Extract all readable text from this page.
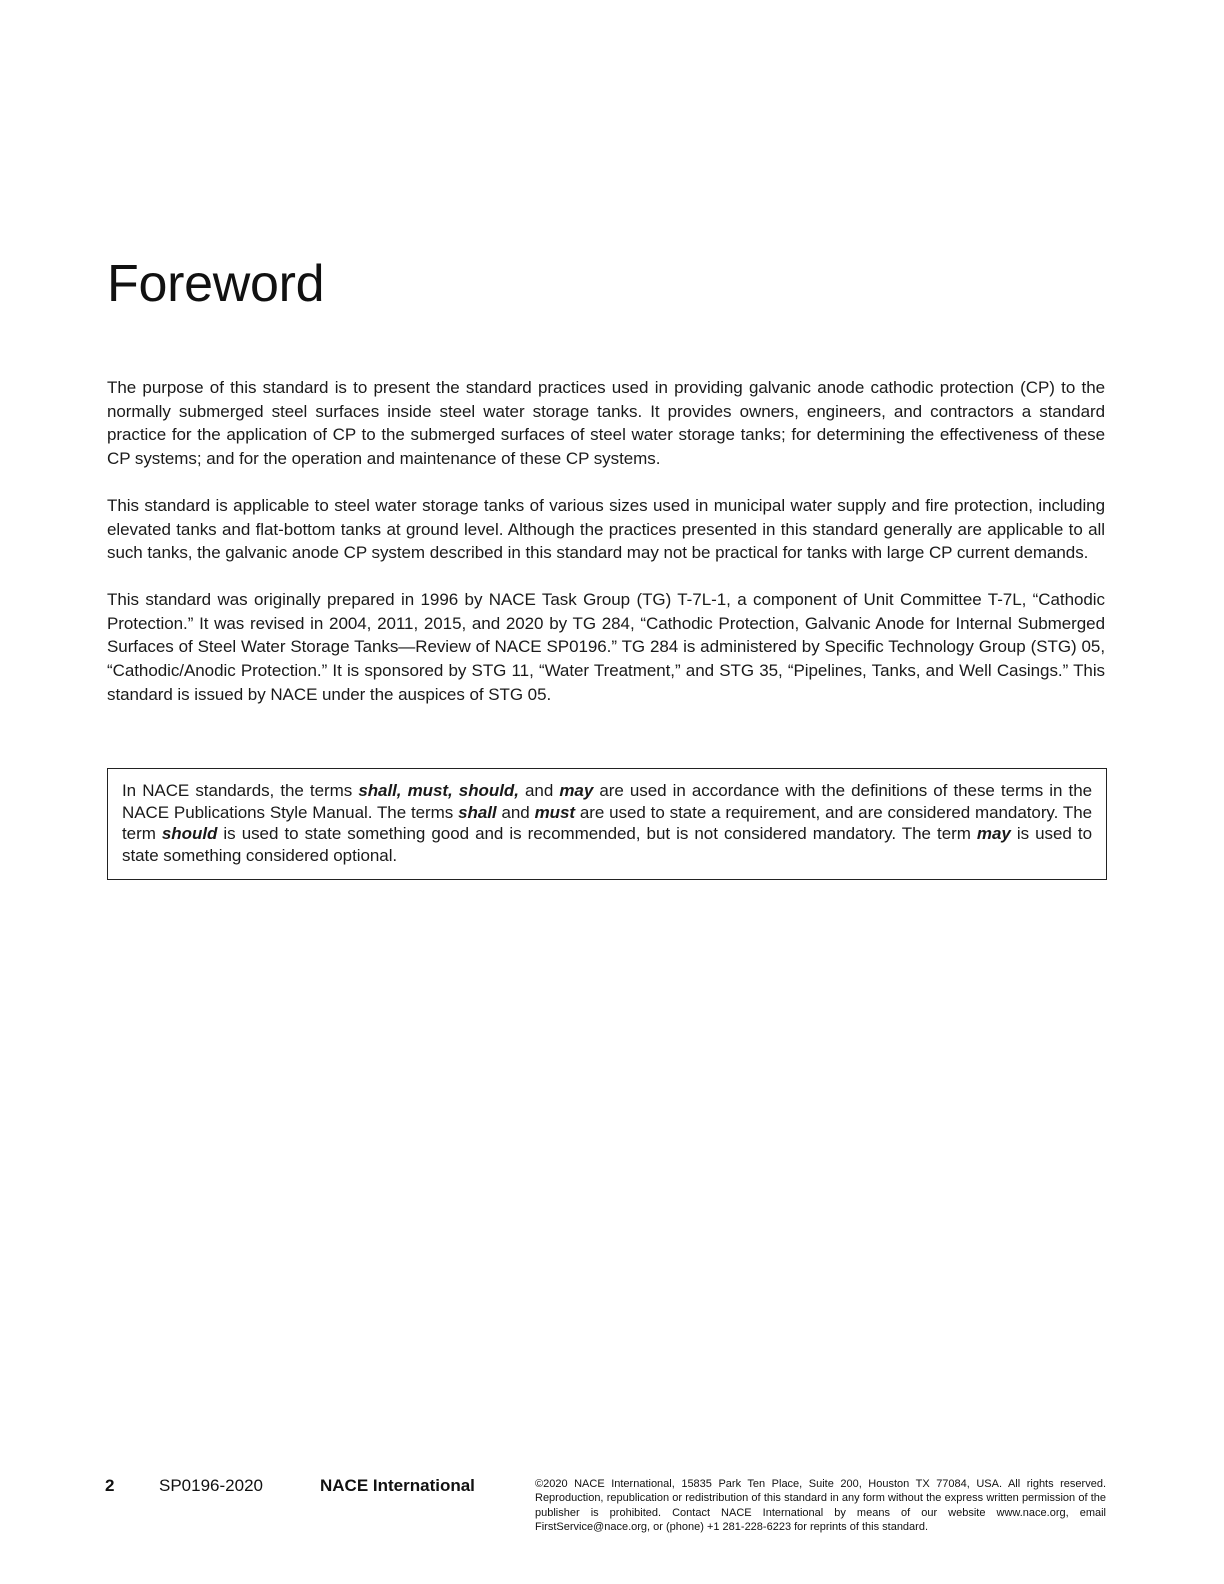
Foreword

The purpose of this standard is to present the standard practices used in providing galvanic anode cathodic protection (CP) to the normally submerged steel surfaces inside steel water storage tanks. It provides owners, engineers, and contractors a standard practice for the application of CP to the submerged surfaces of steel water storage tanks; for determining the effectiveness of these CP systems; and for the operation and maintenance of these CP systems.

This standard is applicable to steel water storage tanks of various sizes used in municipal water supply and fire protection, including elevated tanks and flat-bottom tanks at ground level. Although the practices presented in this standard generally are applicable to all such tanks, the galvanic anode CP system described in this standard may not be practical for tanks with large CP current demands.

This standard was originally prepared in 1996 by NACE Task Group (TG) T-7L-1, a component of Unit Committee T-7L, “Cathodic Protection.” It was revised in 2004, 2011, 2015, and 2020 by TG 284, “Cathodic Protection, Galvanic Anode for Internal Submerged Surfaces of Steel Water Storage Tanks—Review of NACE SP0196.” TG 284 is administered by Specific Technology Group (STG) 05, “Cathodic/Anodic Protection.” It is sponsored by STG 11, “Water Treatment,” and STG 35, “Pipelines, Tanks, and Well Casings.” This standard is issued by NACE under the auspices of STG 05.

In NACE standards, the terms shall, must, should, and may are used in accordance with the definitions of these terms in the NACE Publications Style Manual. The terms shall and must are used to state a requirement, and are considered mandatory. The term should is used to state something good and is recommended, but is not considered mandatory. The term may is used to state something considered optional.

2	SP0196-2020	NACE International	©2020 NACE International, 15835 Park Ten Place, Suite 200, Houston TX 77084, USA. All rights reserved. Reproduction, republication or redistribution of this standard in any form without the express written permission of the publisher is prohibited. Contact NACE International by means of our website www.nace.org, email FirstService@nace.org, or (phone) +1 281-228-6223 for reprints of this standard.
